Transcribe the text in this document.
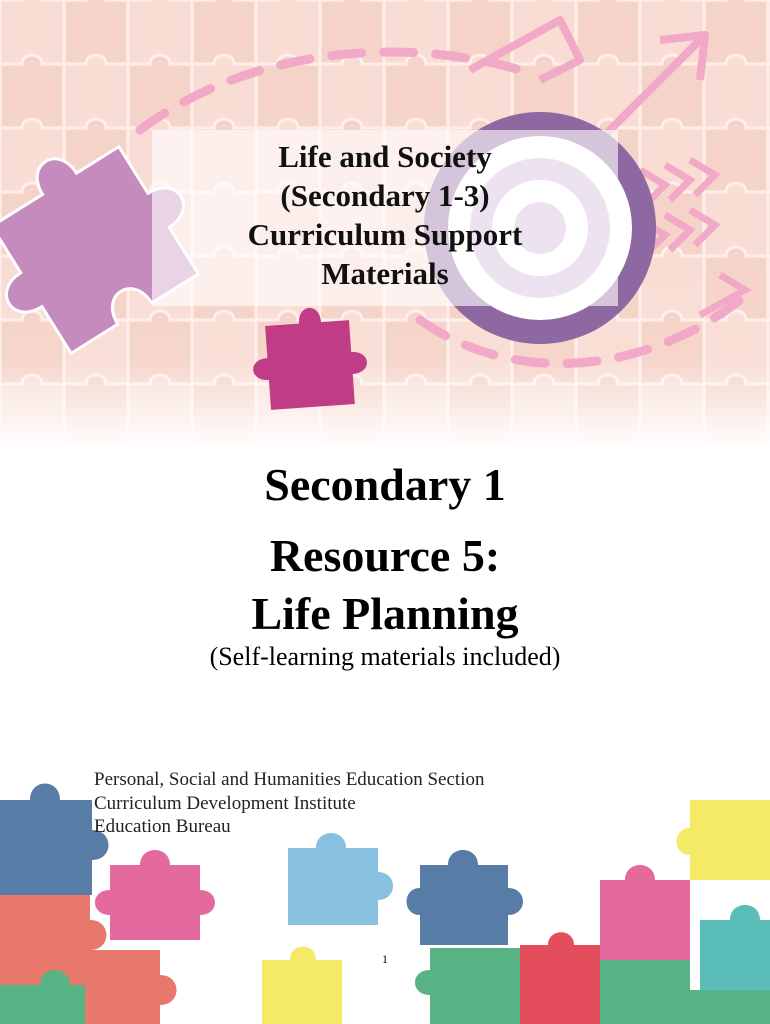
Life and Society
(Secondary 1-3)
Curriculum Support
Materials
Secondary 1
Resource 5:
Life Planning
(Self-learning materials included)
Personal, Social and Humanities Education Section
Curriculum Development Institute
Education Bureau
1
